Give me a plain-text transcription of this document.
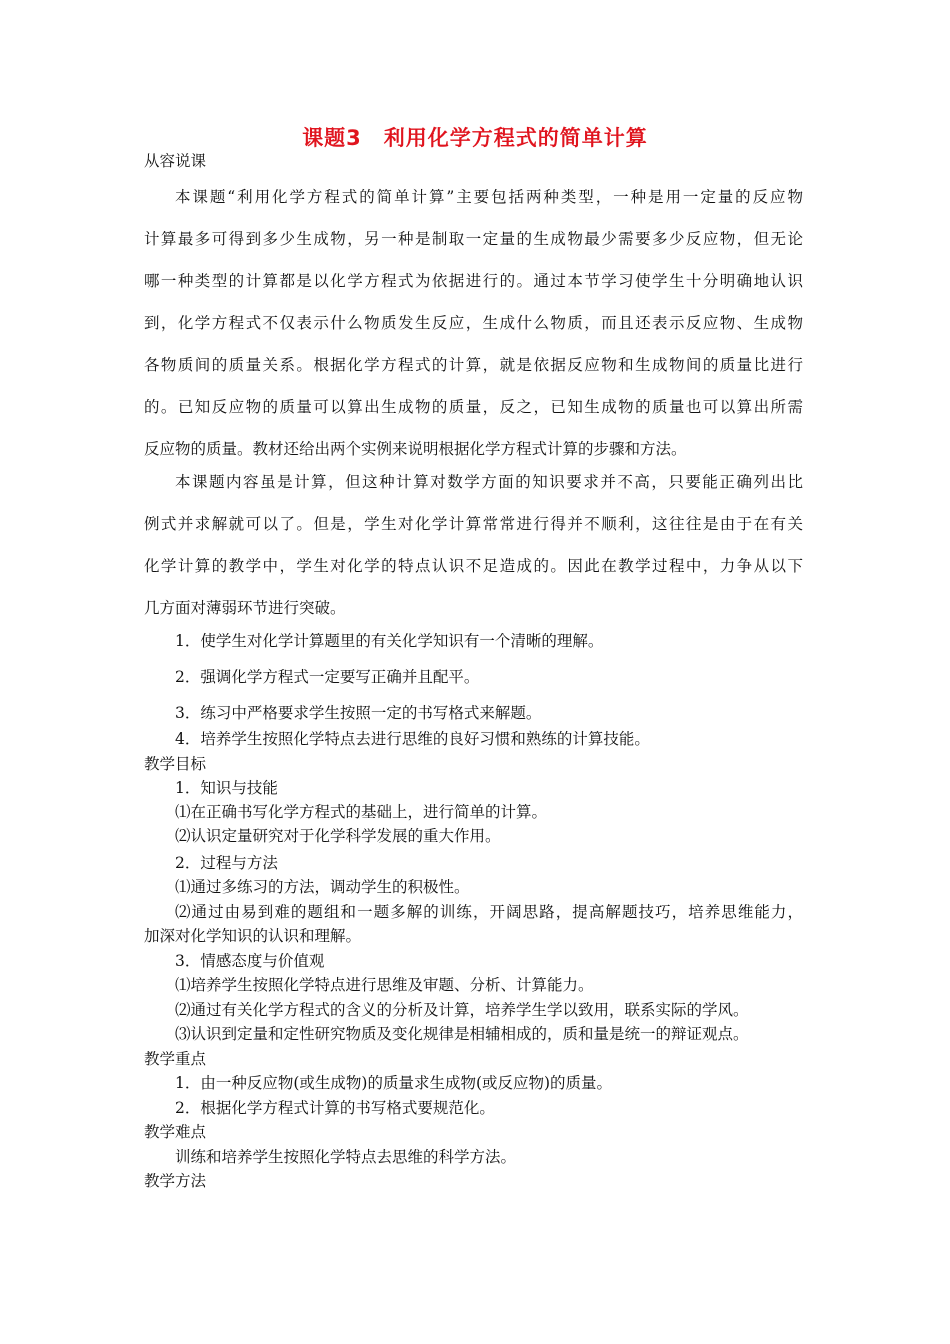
课题3　利用化学方程式的简单计算
从容说课
本课题“利用化学方程式的简单计算”主要包括两种类型，一种是用一定量的反应物
计算最多可得到多少生成物，另一种是制取一定量的生成物最少需要多少反应物，但无论
哪一种类型的计算都是以化学方程式为依据进行的。通过本节学习使学生十分明确地认识
到，化学方程式不仅表示什么物质发生反应，生成什么物质，而且还表示反应物、生成物
各物质间的质量关系。根据化学方程式的计算，就是依据反应物和生成物间的质量比进行
的。已知反应物的质量可以算出生成物的质量，反之，已知生成物的质量也可以算出所需
反应物的质量。教材还给出两个实例来说明根据化学方程式计算的步骤和方法。
本课题内容虽是计算，但这种计算对数学方面的知识要求并不高，只要能正确列出比
例式并求解就可以了。但是，学生对化学计算常常进行得并不顺利，这往往是由于在有关
化学计算的教学中，学生对化学的特点认识不足造成的。因此在教学过程中，力争从以下
几方面对薄弱环节进行突破。
1．使学生对化学计算题里的有关化学知识有一个清晰的理解。
2．强调化学方程式一定要写正确并且配平。
3．练习中严格要求学生按照一定的书写格式来解题。
4．培养学生按照化学特点去进行思维的良好习惯和熟练的计算技能。
教学目标
1．知识与技能
⑴在正确书写化学方程式的基础上，进行简单的计算。
⑵认识定量研究对于化学科学发展的重大作用。
2．过程与方法
⑴通过多练习的方法，调动学生的积极性。
⑵通过由易到难的题组和一题多解的训练，开阔思路，提高解题技巧，培养思维能力，
加深对化学知识的认识和理解。
3．情感态度与价值观
⑴培养学生按照化学特点进行思维及审题、分析、计算能力。
⑵通过有关化学方程式的含义的分析及计算，培养学生学以致用，联系实际的学风。
⑶认识到定量和定性研究物质及变化规律是相辅相成的，质和量是统一的辩证观点。
教学重点
1．由一种反应物(或生成物)的质量求生成物(或反应物)的质量。
2．根据化学方程式计算的书写格式要规范化。
教学难点
训练和培养学生按照化学特点去思维的科学方法。
教学方法
